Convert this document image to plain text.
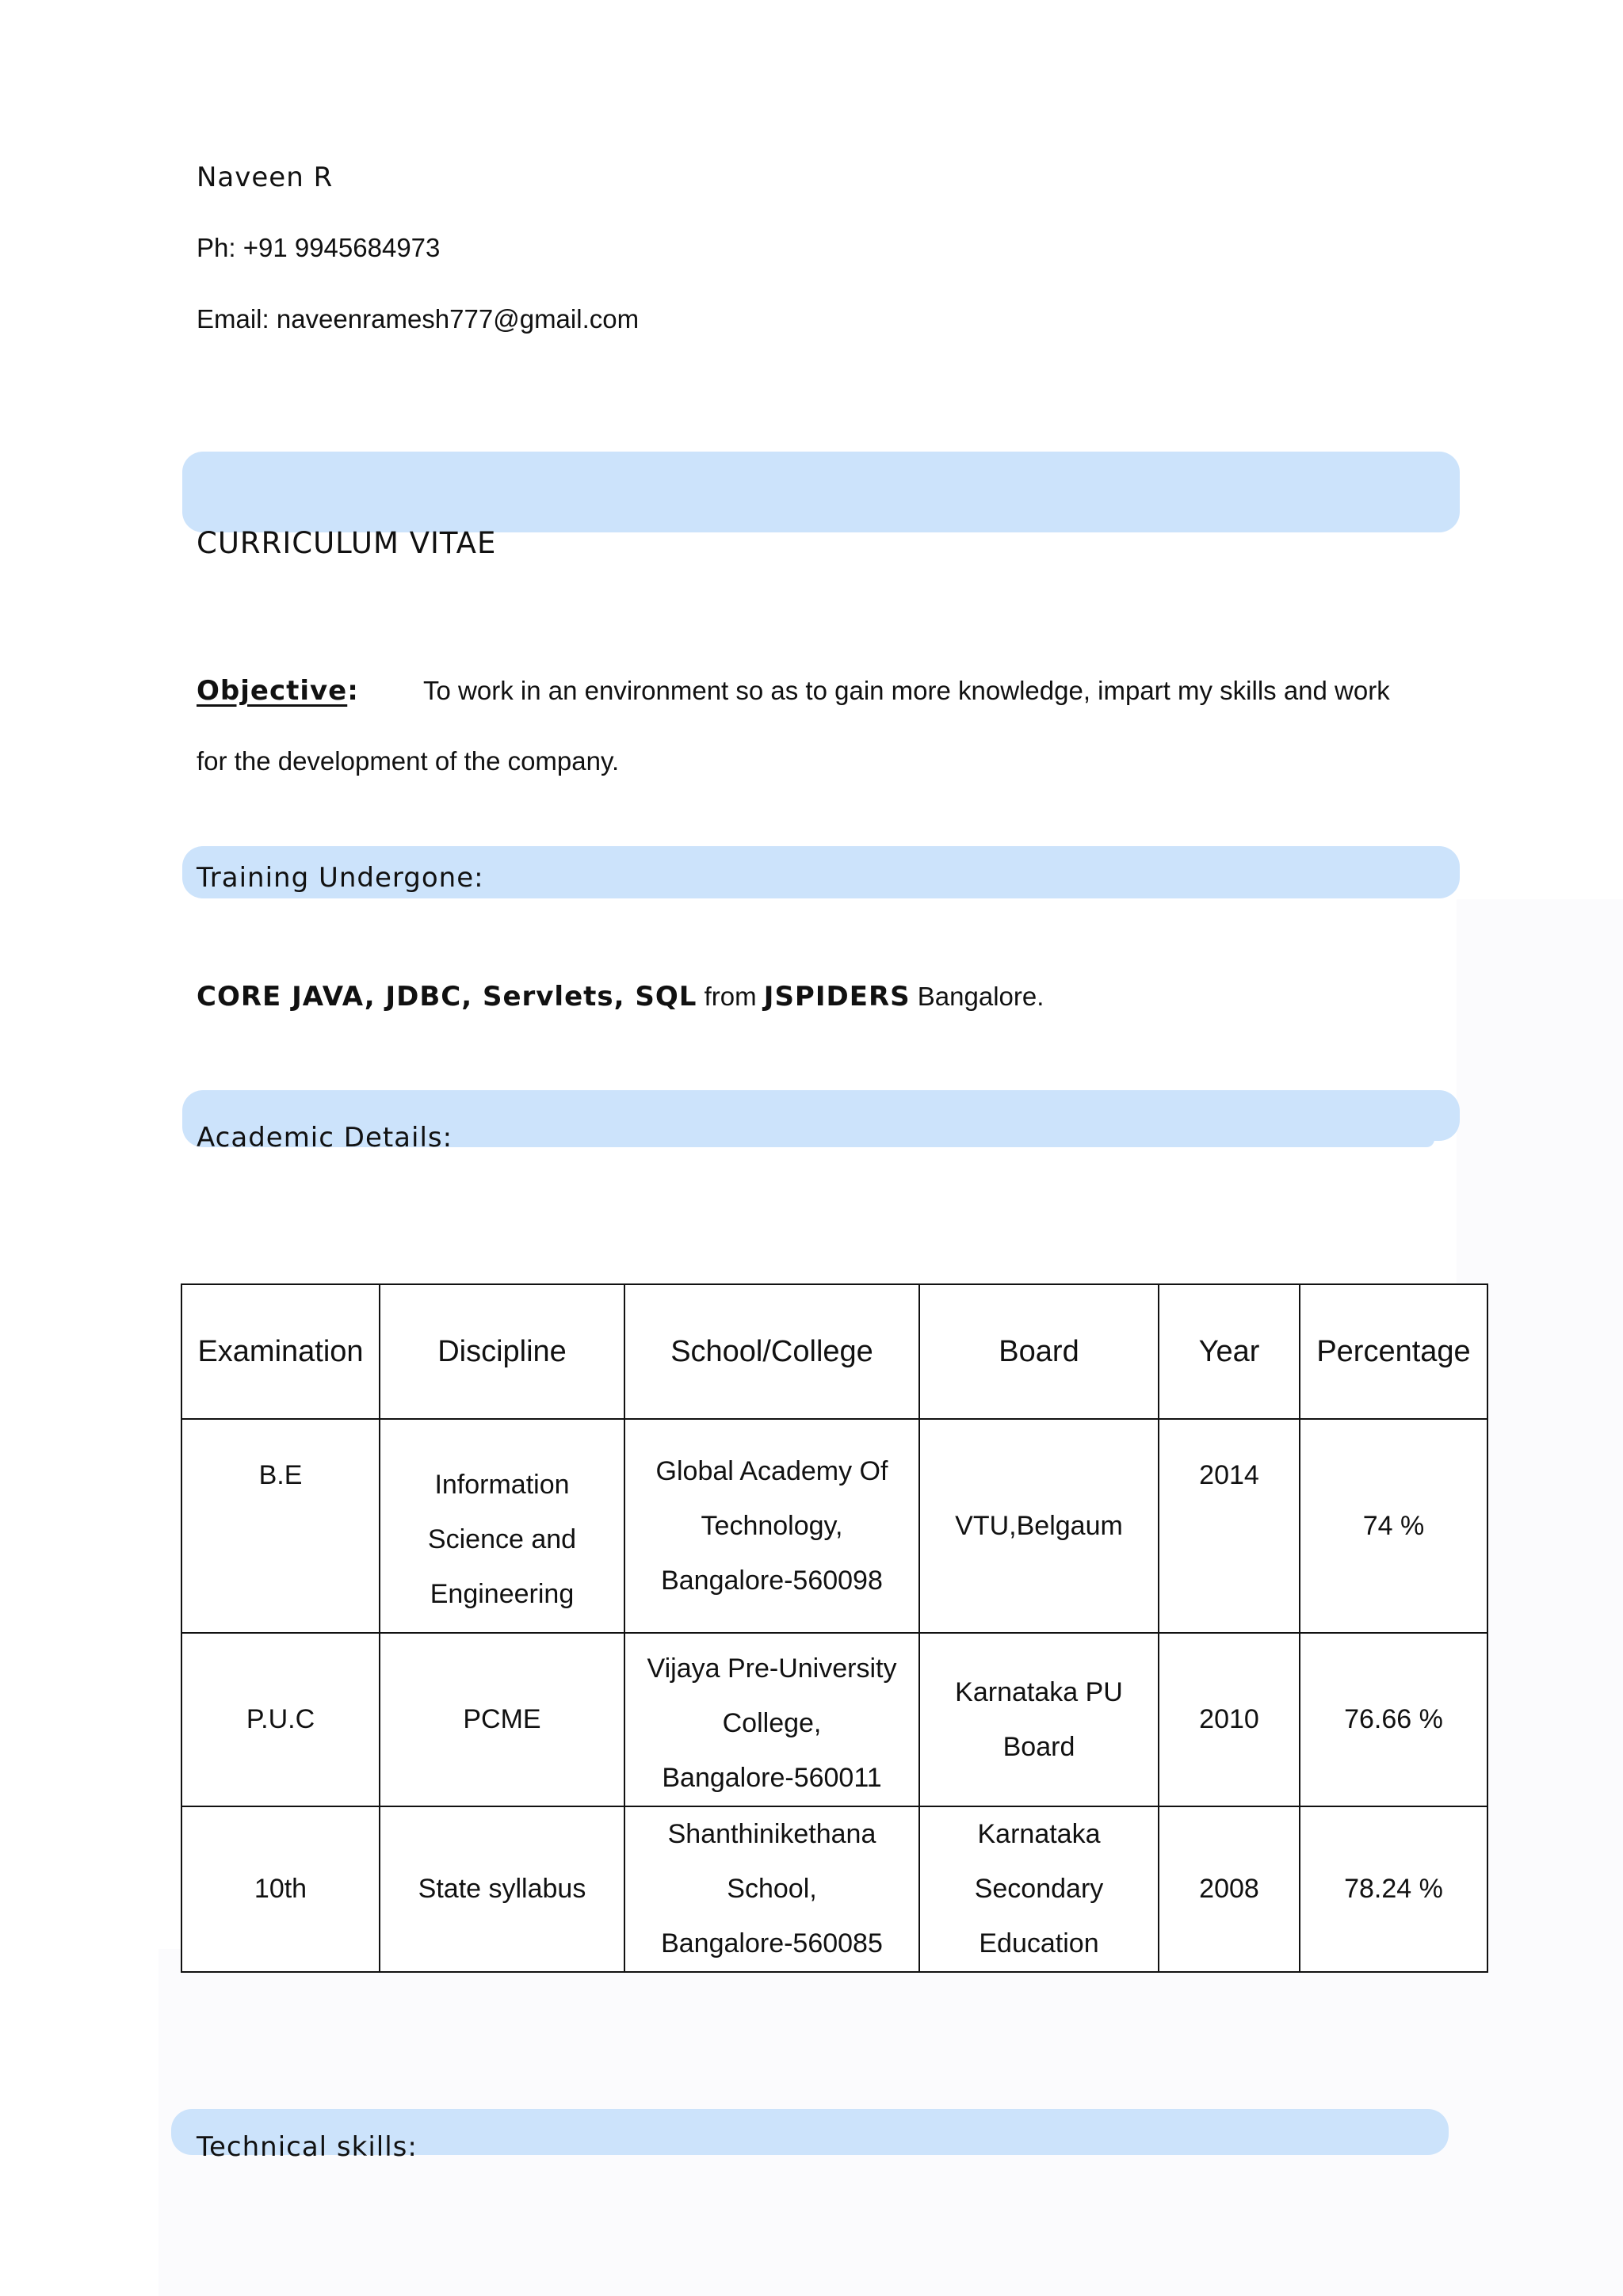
Naveen R
Ph: +91 9945684973
Email: naveenramesh777@gmail.com
CURRICULUM VITAE
Objective: To work in an environment so as to gain more knowledge, impart my skills and work
for the development of the company.
Training Undergone:
CORE JAVA, JDBC, Servlets, SQL from JSPIDERS Bangalore.
Academic Details:
Examination	Discipline	School/College	Board	Year	Percentage

B.E	Information
Science and
Engineering	Global Academy Of
Technology,
Bangalore-560098	VTU,Belgaum	2014	74 %

P.U.C	PCME	Vijaya Pre-University
College,
Bangalore-560011	Karnataka PU
Board	2010	76.66 %

10th	State syllabus	Shanthinikethana
School,
Bangalore-560085	Karnataka
Secondary
Education	2008	78.24 %
Technical skills:
